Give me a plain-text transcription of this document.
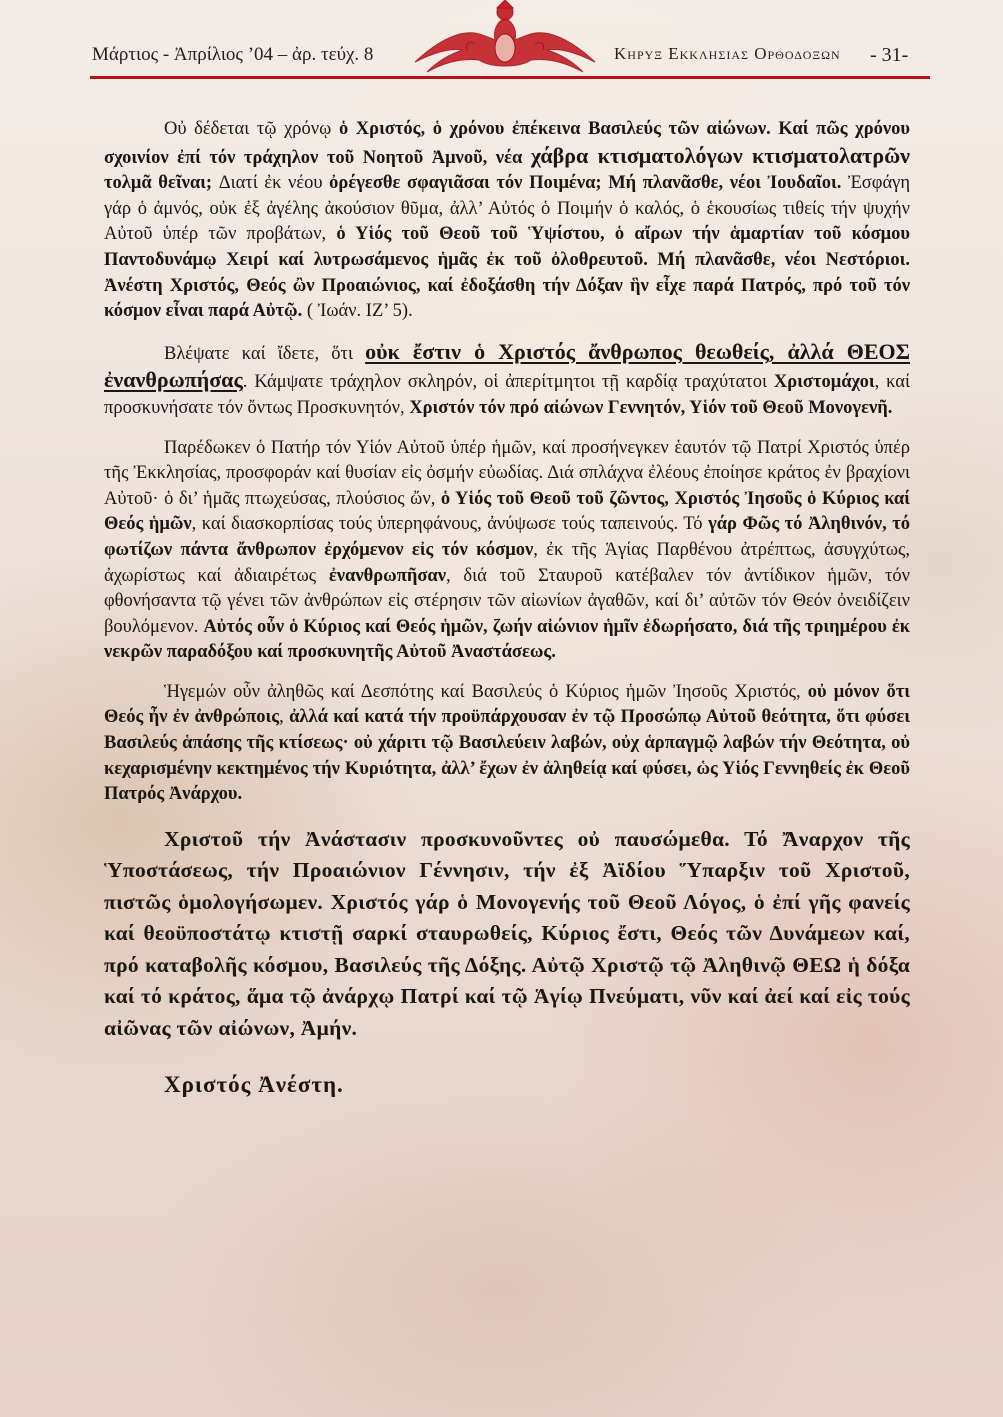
Μάρτιος - Ἀπρίλιος ’04 – ἀρ. τεύχ. 8	Κηρυξ Εκκλησιας Ορθοδοξων - 31-

Οὐ δέδεται τῷ χρόνῳ ὁ Χριστός, ὁ χρόνου ἐπέκεινα Βασιλεύς τῶν αἰώνων. Καί πῶς χρόνου σχοινίον ἐπί τόν τράχηλον τοῦ Νοητοῦ Ἀμνοῦ, νέα χάβρα κτισματολόγων κτισματολατρῶν τολμᾶ θεῖναι; Διατί ἐκ νέου ὀρέγεσθε σφαγιᾶσαι τόν Ποιμένα; Μή πλανᾶσθε, νέοι Ἰουδαῖοι. Ἐσφάγη γάρ ὁ ἀμνός, οὐκ ἐξ ἀγέλης ἀκούσιον θῦμα, ἀλλ’ Αὐτός ὁ Ποιμήν ὁ καλός, ὁ ἑκουσίως τιθείς τήν ψυχήν Αὐτοῦ ὑπέρ τῶν προβάτων, ὁ Υἱός τοῦ Θεοῦ τοῦ Ὑψίστου, ὁ αἴρων τήν ἁμαρτίαν τοῦ κόσμου Παντοδυνάμῳ Χειρί καί λυτρωσάμενος ἡμᾶς ἐκ τοῦ ὀλοθρευτοῦ. Μή πλανᾶσθε, νέοι Νεστόριοι. Ἀνέστη Χριστός, Θεός ὢν Προαιώνιος, καί ἐδοξάσθη τήν Δόξαν ἣν εἶχε παρά Πατρός, πρό τοῦ τόν κόσμον εἶναι παρά Αὐτῷ. ( Ἰωάν. ΙΖ’ 5).

Βλέψατε καί ἴδετε, ὅτι οὐκ ἔστιν ὁ Χριστός ἄνθρωπος θεωθείς, ἀλλά ΘΕΟΣ ἐνανθρωπήσας. Κάμψατε τράχηλον σκληρόν, οἱ ἀπερίτμητοι τῇ καρδίᾳ τραχύτατοι Χριστομάχοι, καί προσκυνήσατε τόν ὄντως Προσκυνητόν, Χριστόν τόν πρό αἰώνων Γεννητόν, Υἱόν τοῦ Θεοῦ Μονογενῆ.

Παρέδωκεν ὁ Πατήρ τόν Υἱόν Αὐτοῦ ὑπέρ ἡμῶν, καί προσήνεγκεν ἑαυτόν τῷ Πατρί Χριστός ὑπέρ τῆς Ἐκκλησίας, προσφοράν καί θυσίαν εἰς ὀσμήν εὐωδίας. Διά σπλάχνα ἐλέους ἐποίησε κράτος ἐν βραχίονι Αὐτοῦ· ὁ δι’ ἡμᾶς πτωχεύσας, πλούσιος ὤν, ὁ Υἱός τοῦ Θεοῦ τοῦ ζῶντος, Χριστός Ἰησοῦς ὁ Κύριος καί Θεός ἡμῶν, καί διασκορπίσας τούς ὑπερηφάνους, ἀνύψωσε τούς ταπεινούς. Τό γάρ Φῶς τό Ἀληθινόν, τό φωτίζων πάντα ἄνθρωπον ἐρχόμενον εἰς τόν κόσμον, ἐκ τῆς Ἁγίας Παρθένου ἀτρέπτως, ἀσυγχύτως, ἀχωρίστως καί ἀδιαιρέτως ἐνανθρωπῆσαν, διά τοῦ Σταυροῦ κατέβαλεν τόν ἀντίδικον ἡμῶν, τόν φθονήσαντα τῷ γένει τῶν ἀνθρώπων εἰς στέρησιν τῶν αἰωνίων ἀγαθῶν, καί δι’ αὐτῶν τόν Θεόν ὀνειδίζειν βουλόμενον. Αὐτός οὖν ὁ Κύριος καί Θεός ἡμῶν, ζωήν αἰώνιον ἡμῖν ἐδωρήσατο, διά τῆς τριημέρου ἐκ νεκρῶν παραδόξου καί προσκυνητῆς Αὐτοῦ Ἀναστάσεως.

Ἡγεμών οὖν ἀληθῶς καί Δεσπότης καί Βασιλεύς ὁ Κύριος ἡμῶν Ἰησοῦς Χριστός, οὐ μόνον ὅτι Θεός ἦν ἐν ἀνθρώποις, ἀλλά καί κατά τήν προϋπάρχουσαν ἐν τῷ Προσώπῳ Αὐτοῦ θεότητα, ὅτι φύσει Βασιλεύς ἁπάσης τῆς κτίσεως· οὐ χάριτι τῷ Βασιλεύειν λαβών, οὐχ ἁρπαγμῷ λαβών τήν Θεότητα, οὐ κεχαρισμένην κεκτημένος τήν Κυριότητα, ἀλλ’ ἔχων ἐν ἀληθείᾳ καί φύσει, ὡς Υἱός Γεννηθείς ἐκ Θεοῦ Πατρός Ἀνάρχου.

Χριστοῦ τήν Ἀνάστασιν προσκυνοῦντες οὐ παυσώμεθα. Τό Ἄναρχον τῆς Ὑποστάσεως, τήν Προαιώνιον Γέννησιν, τήν ἐξ Ἀϊδίου Ὕπαρξιν τοῦ Χριστοῦ, πιστῶς ὁμολογήσωμεν. Χριστός γάρ ὁ Μονογενής τοῦ Θεοῦ Λόγος, ὁ ἐπί γῆς φανείς καί θεοϋποστάτῳ κτιστῇ σαρκί σταυρωθείς, Κύριος ἔστι, Θεός τῶν Δυνάμεων καί, πρό καταβολῆς κόσμου, Βασιλεύς τῆς Δόξης. Αὐτῷ Χριστῷ τῷ Ἀληθινῷ ΘΕΩ ἡ δόξα καί τό κράτος, ἅμα τῷ ἀνάρχῳ Πατρί καί τῷ Ἁγίῳ Πνεύματι, νῦν καί ἀεί καί εἰς τούς αἰῶνας τῶν αἰώνων, Ἀμήν.

Χριστός Ἀνέστη.
